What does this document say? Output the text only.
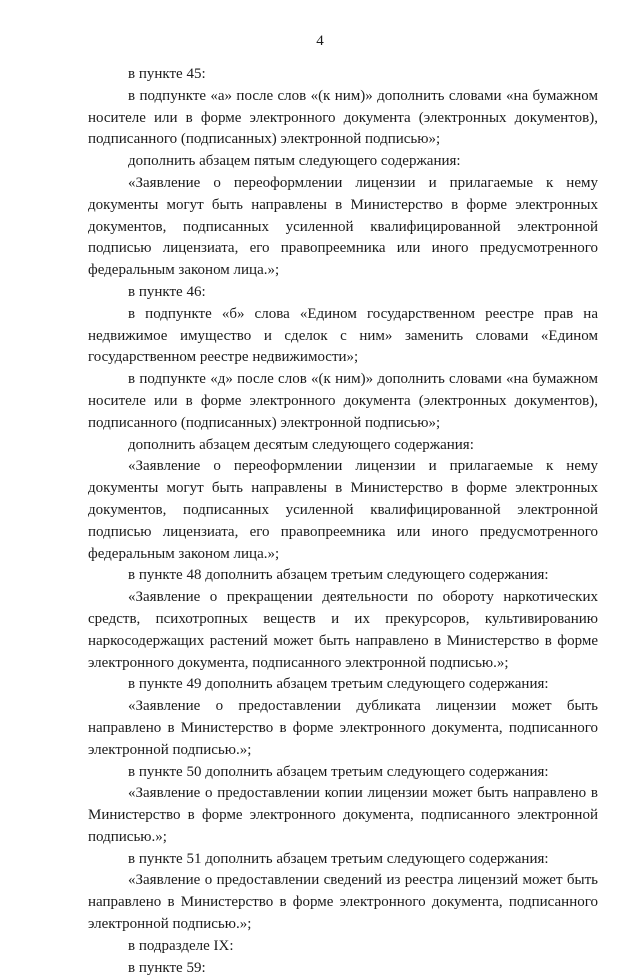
4

в пункте 45:

в подпункте «а» после слов «(к ним)» дополнить словами «на бумажном носителе или в форме электронного документа (электронных документов), подписанного (подписанных) электронной подписью»;

дополнить абзацем пятым следующего содержания:

«Заявление о переоформлении лицензии и прилагаемые к нему документы могут быть направлены в Министерство в форме электронных документов, подписанных усиленной квалифицированной электронной подписью лицензиата, его правопреемника или иного предусмотренного федеральным законом лица.»;

в пункте 46:

в подпункте «б» слова «Едином государственном реестре прав на недвижимое имущество и сделок с ним» заменить словами «Едином государственном реестре недвижимости»;

в подпункте «д» после слов «(к ним)» дополнить словами «на бумажном носителе или в форме электронного документа (электронных документов), подписанного (подписанных) электронной подписью»;

дополнить абзацем десятым следующего содержания:

«Заявление о переоформлении лицензии и прилагаемые к нему документы могут быть направлены в Министерство в форме электронных документов, подписанных усиленной квалифицированной электронной подписью лицензиата, его правопреемника или иного предусмотренного федеральным законом лица.»;

в пункте 48 дополнить абзацем третьим следующего содержания:

«Заявление о прекращении деятельности по обороту наркотических средств, психотропных веществ и их прекурсоров, культивированию наркосодержащих растений может быть направлено в Министерство в форме электронного документа, подписанного электронной подписью.»;

в пункте 49 дополнить абзацем третьим следующего содержания:

«Заявление о предоставлении дубликата лицензии может быть направлено в Министерство в форме электронного документа, подписанного электронной подписью.»;

в пункте 50 дополнить абзацем третьим следующего содержания:

«Заявление о предоставлении копии лицензии может быть направлено в Министерство в форме электронного документа, подписанного электронной подписью.»;

в пункте 51 дополнить абзацем третьим следующего содержания:

«Заявление о предоставлении сведений из реестра лицензий может быть направлено в Министерство в форме электронного документа, подписанного электронной подписью.»;

в подразделе IX:

в пункте 59:
